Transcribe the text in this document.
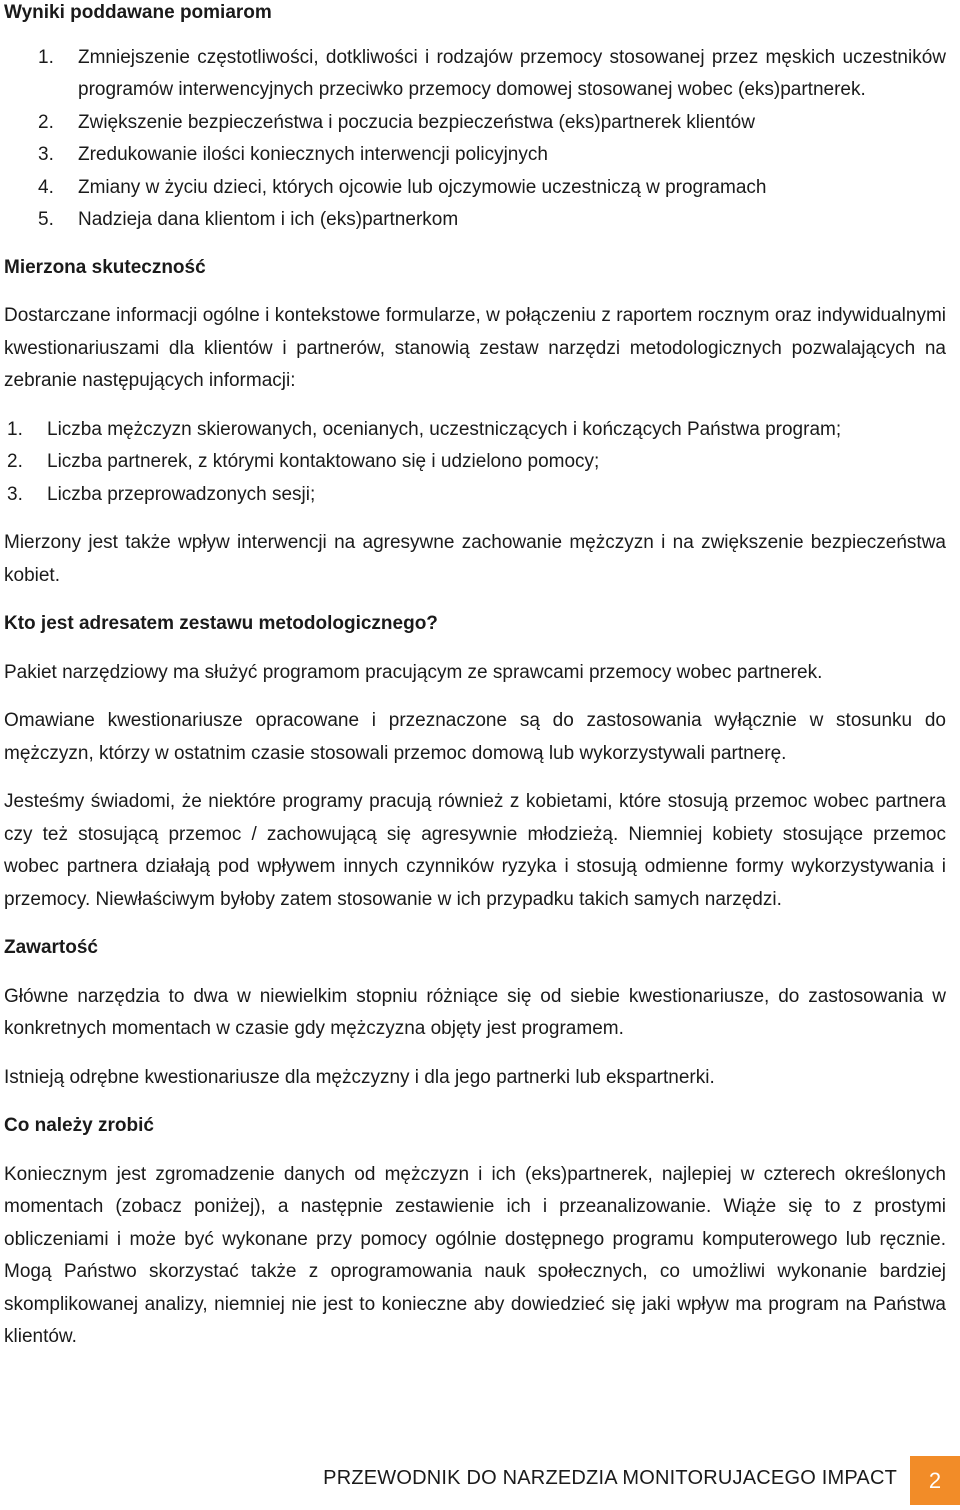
Wyniki poddawane pomiarom

1. Zmniejszenie częstotliwości, dotkliwości i rodzajów przemocy stosowanej przez męskich uczestników programów interwencyjnych przeciwko przemocy domowej stosowanej wobec (eks)partnerek.
2. Zwiększenie bezpieczeństwa i poczucia bezpieczeństwa (eks)partnerek klientów
3. Zredukowanie ilości koniecznych interwencji policyjnych
4. Zmiany w życiu dzieci, których ojcowie lub ojczymowie uczestniczą w programach
5. Nadzieja dana klientom i ich (eks)partnerkom

Mierzona skuteczność

Dostarczane informacji ogólne i kontekstowe formularze, w połączeniu z raportem rocznym oraz indywidualnymi kwestionariuszami dla klientów i partnerów, stanowią zestaw narzędzi metodologicznych pozwalających na zebranie następujących informacji:

1. Liczba mężczyzn skierowanych, ocenianych, uczestniczących i kończących Państwa program;
2. Liczba partnerek, z którymi kontaktowano się i udzielono pomocy;
3. Liczba przeprowadzonych sesji;

Mierzony jest także wpływ interwencji na agresywne zachowanie mężczyzn i na zwiększenie bezpieczeństwa kobiet.

Kto jest adresatem zestawu metodologicznego?

Pakiet narzędziowy ma służyć programom pracującym ze sprawcami przemocy wobec partnerek.

Omawiane kwestionariusze opracowane i przeznaczone są do zastosowania wyłącznie w stosunku do mężczyzn, którzy w ostatnim czasie stosowali przemoc domową lub wykorzystywali partnerę.

Jesteśmy świadomi, że niektóre programy pracują również z kobietami, które stosują przemoc wobec partnera czy też stosującą przemoc / zachowującą się agresywnie młodzieżą. Niemniej kobiety stosujące przemoc wobec partnera działają pod wpływem innych czynników ryzyka i stosują odmienne formy wykorzystywania i przemocy. Niewłaściwym byłoby zatem stosowanie w ich przypadku takich samych narzędzi.

Zawartość

Główne narzędzia to dwa w niewielkim stopniu różniące się od siebie kwestionariusze, do zastosowania w konkretnych momentach w czasie gdy mężczyzna objęty jest programem.

Istnieją odrębne kwestionariusze dla mężczyzny i dla jego partnerki lub ekspartnerki.

Co należy zrobić

Koniecznym jest zgromadzenie danych od mężczyzn i ich (eks)partnerek, najlepiej w czterech określonych momentach (zobacz poniżej), a następnie zestawienie ich i przeanalizowanie. Wiąże się to z prostymi obliczeniami i może być wykonane przy pomocy ogólnie dostępnego programu komputerowego lub ręcznie. Mogą Państwo skorzystać także z oprogramowania nauk społecznych, co umożliwi wykonanie bardziej skomplikowanej analizy, niemniej nie jest to konieczne aby dowiedzieć się jaki wpływ ma program na Państwa klientów.

PRZEWODNIK DO NARZEDZIA MONITORUJACEGO IMPACT	2
